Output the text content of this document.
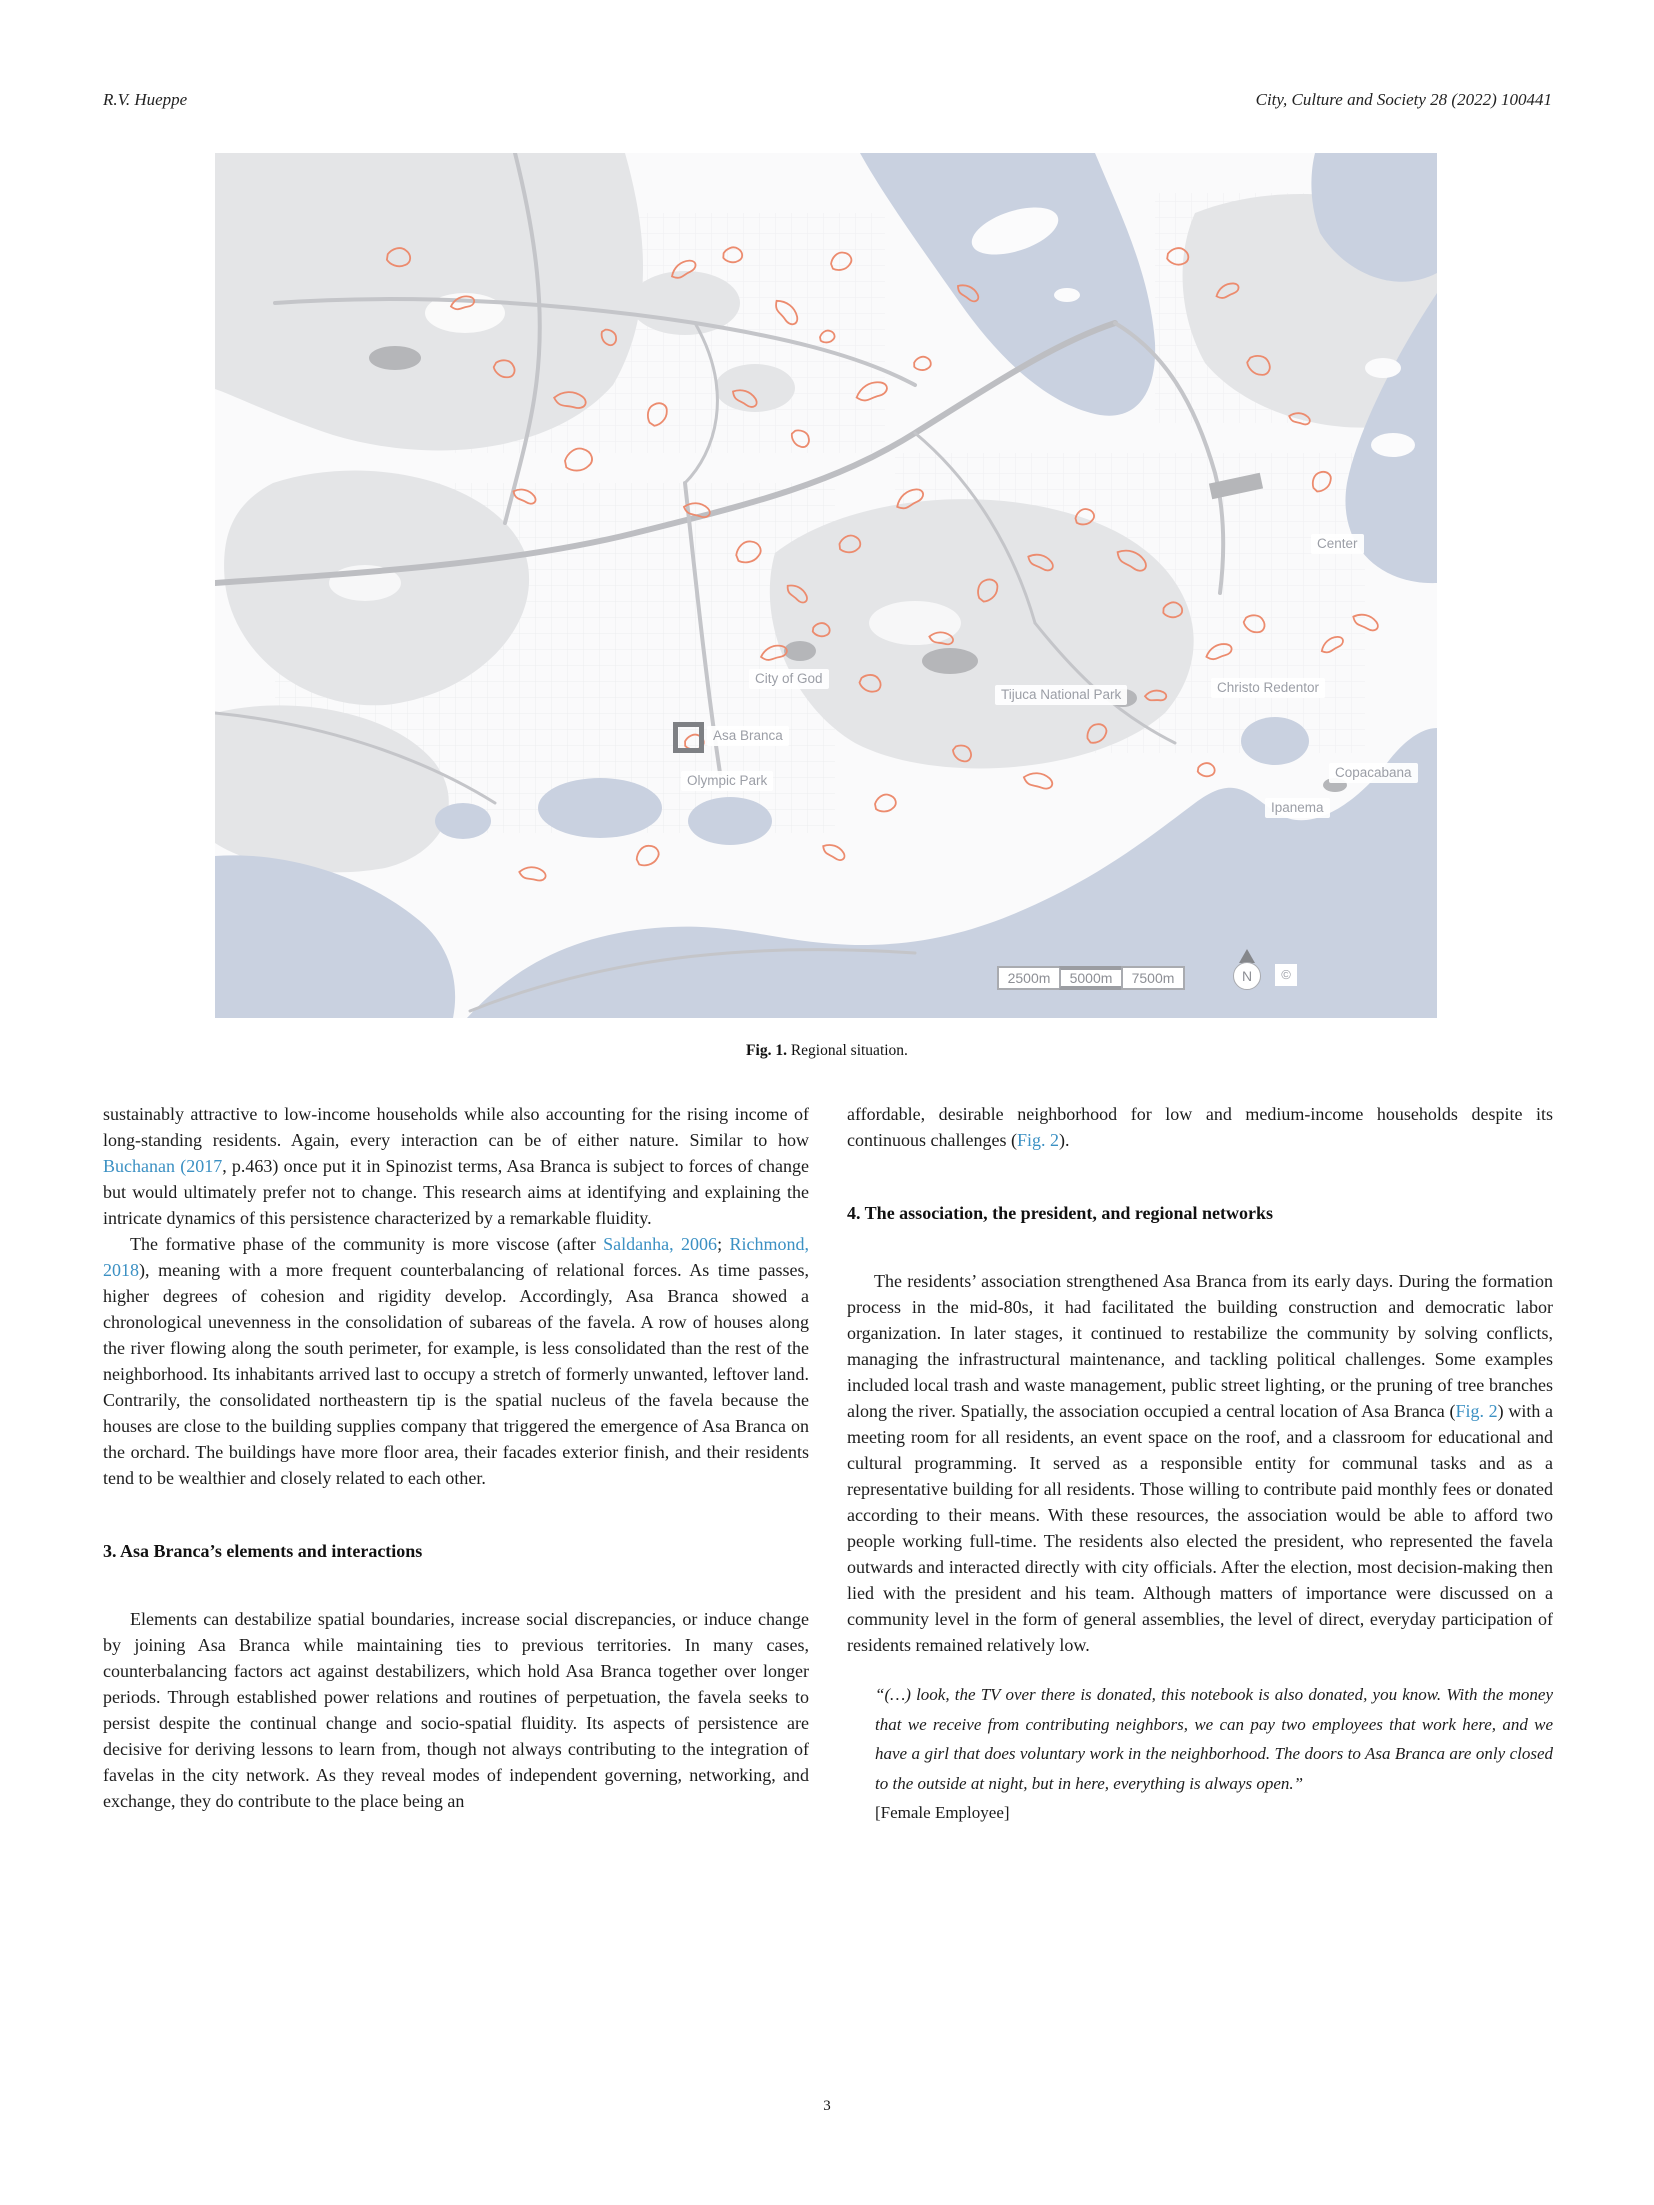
R.V. Hueppe	City, Culture and Society 28 (2022) 100441
Center
City of God
Asa Branca
Olympic Park
Tijuca National Park	Christo Redentor
Copacabana
Ipanema
2500m	5000m	7500m	N	©
Fig. 1. Regional situation.

sustainably attractive to low-income households while also accounting for the rising income of long-standing residents. Again, every interaction can be of either nature. Similar to how Buchanan (2017, p.463) once put it in Spinozist terms, Asa Branca is subject to forces of change but would ultimately prefer not to change. This research aims at identifying and explaining the intricate dynamics of this persistence characterized by a remarkable fluidity.

The formative phase of the community is more viscose (after Saldanha, 2006; Richmond, 2018), meaning with a more frequent counterbalancing of relational forces. As time passes, higher degrees of cohesion and rigidity develop. Accordingly, Asa Branca showed a chronological unevenness in the consolidation of subareas of the favela. A row of houses along the river flowing along the south perimeter, for example, is less consolidated than the rest of the neighborhood. Its inhabitants arrived last to occupy a stretch of formerly unwanted, leftover land. Contrarily, the consolidated northeastern tip is the spatial nucleus of the favela because the houses are close to the building supplies company that triggered the emergence of Asa Branca on the orchard. The buildings have more floor area, their facades exterior finish, and their residents tend to be wealthier and closely related to each other.

3. Asa Branca’s elements and interactions

Elements can destabilize spatial boundaries, increase social discrepancies, or induce change by joining Asa Branca while maintaining ties to previous territories. In many cases, counterbalancing factors act against destabilizers, which hold Asa Branca together over longer periods. Through established power relations and routines of perpetuation, the favela seeks to persist despite the continual change and socio-spatial fluidity. Its aspects of persistence are decisive for deriving lessons to learn from, though not always contributing to the integration of favelas in the city network. As they reveal modes of independent governing, networking, and exchange, they do contribute to the place being an

affordable, desirable neighborhood for low and medium-income households despite its continuous challenges (Fig. 2).

4. The association, the president, and regional networks

The residents’ association strengthened Asa Branca from its early days. During the formation process in the mid-80s, it had facilitated the building construction and democratic labor organization. In later stages, it continued to restabilize the community by solving conflicts, managing the infrastructural maintenance, and tackling political challenges. Some examples included local trash and waste management, public street lighting, or the pruning of tree branches along the river. Spatially, the association occupied a central location of Asa Branca (Fig. 2) with a meeting room for all residents, an event space on the roof, and a classroom for educational and cultural programming. It served as a responsible entity for communal tasks and as a representative building for all residents. Those willing to contribute paid monthly fees or donated according to their means. With these resources, the association would be able to afford two people working full-time. The residents also elected the president, who represented the favela outwards and interacted directly with city officials. After the election, most decision-making then lied with the president and his team. Although matters of importance were discussed on a community level in the form of general assemblies, the level of direct, everyday participation of residents remained relatively low.

“(…) look, the TV over there is donated, this notebook is also donated, you know. With the money that we receive from contributing neighbors, we can pay two employees that work here, and we have a girl that does voluntary work in the neighborhood. The doors to Asa Branca are only closed to the outside at night, but in here, everything is always open.”
[Female Employee]
3
